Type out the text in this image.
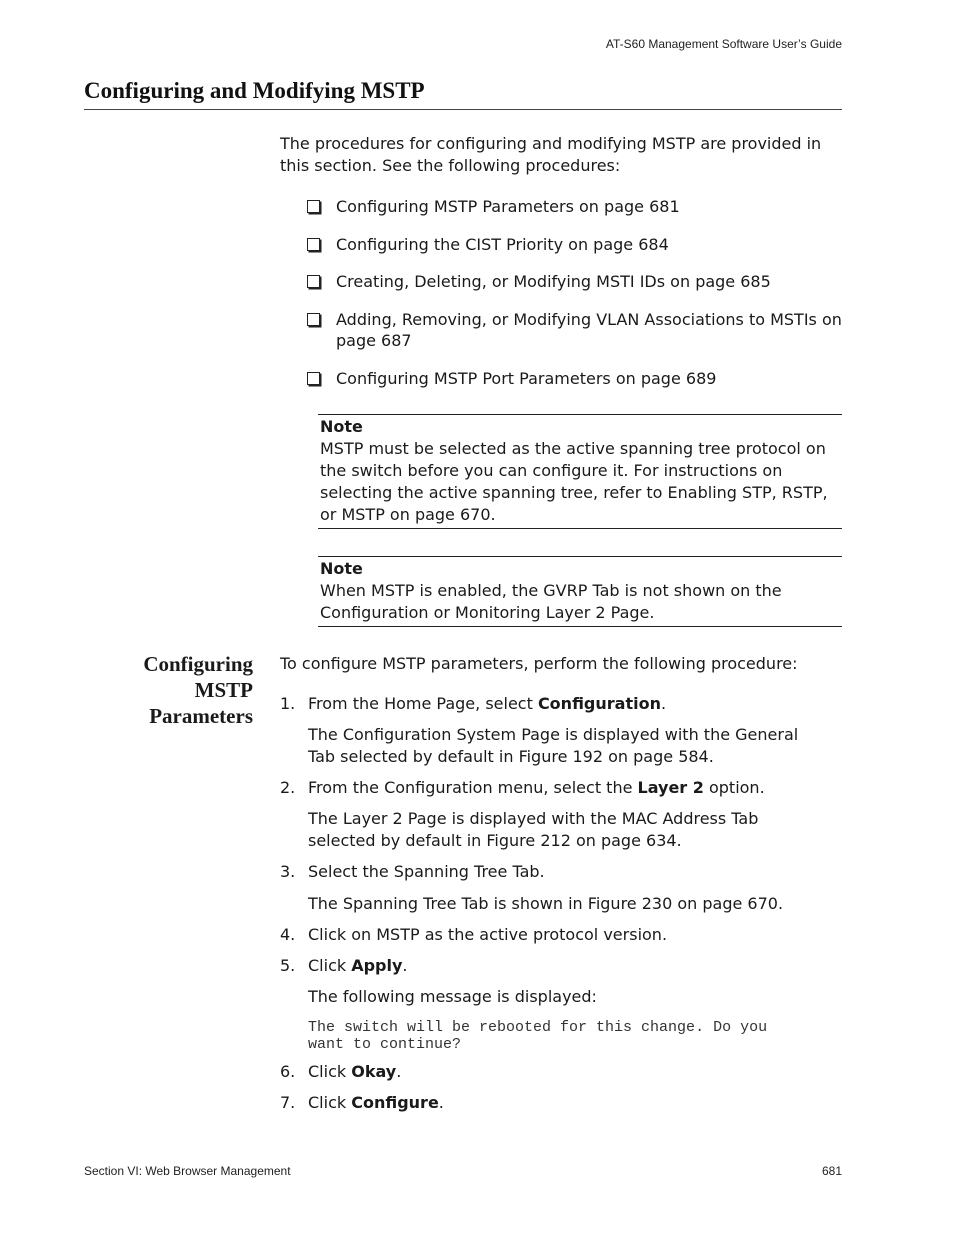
AT-S60 Management Software User’s Guide
Configuring and Modifying MSTP

The procedures for configuring and modifying MSTP are provided in this section. See the following procedures:

Configuring MSTP Parameters on page 681
Configuring the CIST Priority on page 684
Creating, Deleting, or Modifying MSTI IDs on page 685
Adding, Removing, or Modifying VLAN Associations to MSTIs on page 687
Configuring MSTP Port Parameters on page 689
Note
MSTP must be selected as the active spanning tree protocol on the switch before you can configure it. For instructions on selecting the active spanning tree, refer to Enabling STP, RSTP, or MSTP on page 670.
Note
When MSTP is enabled, the GVRP Tab is not shown on the Configuration or Monitoring Layer 2 Page.
Configuring
MSTP
Parameters

To configure MSTP parameters, perform the following procedure:

1. From the Home Page, select Configuration.
The Configuration System Page is displayed with the General Tab selected by default in Figure 192 on page 584.
2. From the Configuration menu, select the Layer 2 option.
The Layer 2 Page is displayed with the MAC Address Tab selected by default in Figure 212 on page 634.
3. Select the Spanning Tree Tab.
The Spanning Tree Tab is shown in Figure 230 on page 670.
4. Click on MSTP as the active protocol version.
5. Click Apply.
The following message is displayed:
The switch will be rebooted for this change. Do you
want to continue?
6. Click Okay.
7. Click Configure.
Section VI: Web Browser Management	681
